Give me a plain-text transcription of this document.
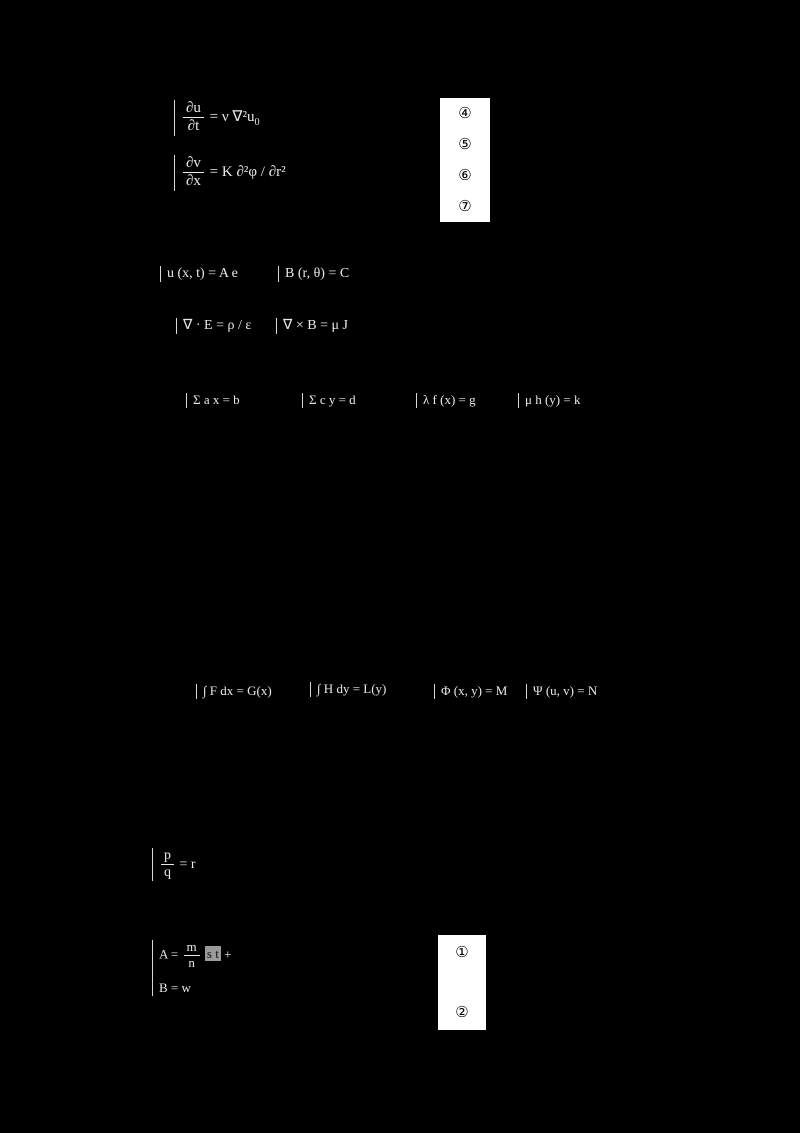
$\frac{\partial u}{\partial t} = \nu$ $\nabla^2u_0$
$\frac{\partial v}{\partial x} = K$ ∂²φ / ∂r²
④
⑤
⑥
⑦
u (x, t) = A e	B (r, θ) = C
∇ · E = ρ / ε	∇ × B = μ J
Σ a x = b	Σ c y = d	λ f (x) = g	μ h (y) = k
∫ F dx = G(x)	∫ H dy = L(y)	Φ (x, y) = M	Ψ (u, v) = N
$\frac{p}{q} = r$
$A = \frac{m}{n}$ s t +
B = w
①
②
